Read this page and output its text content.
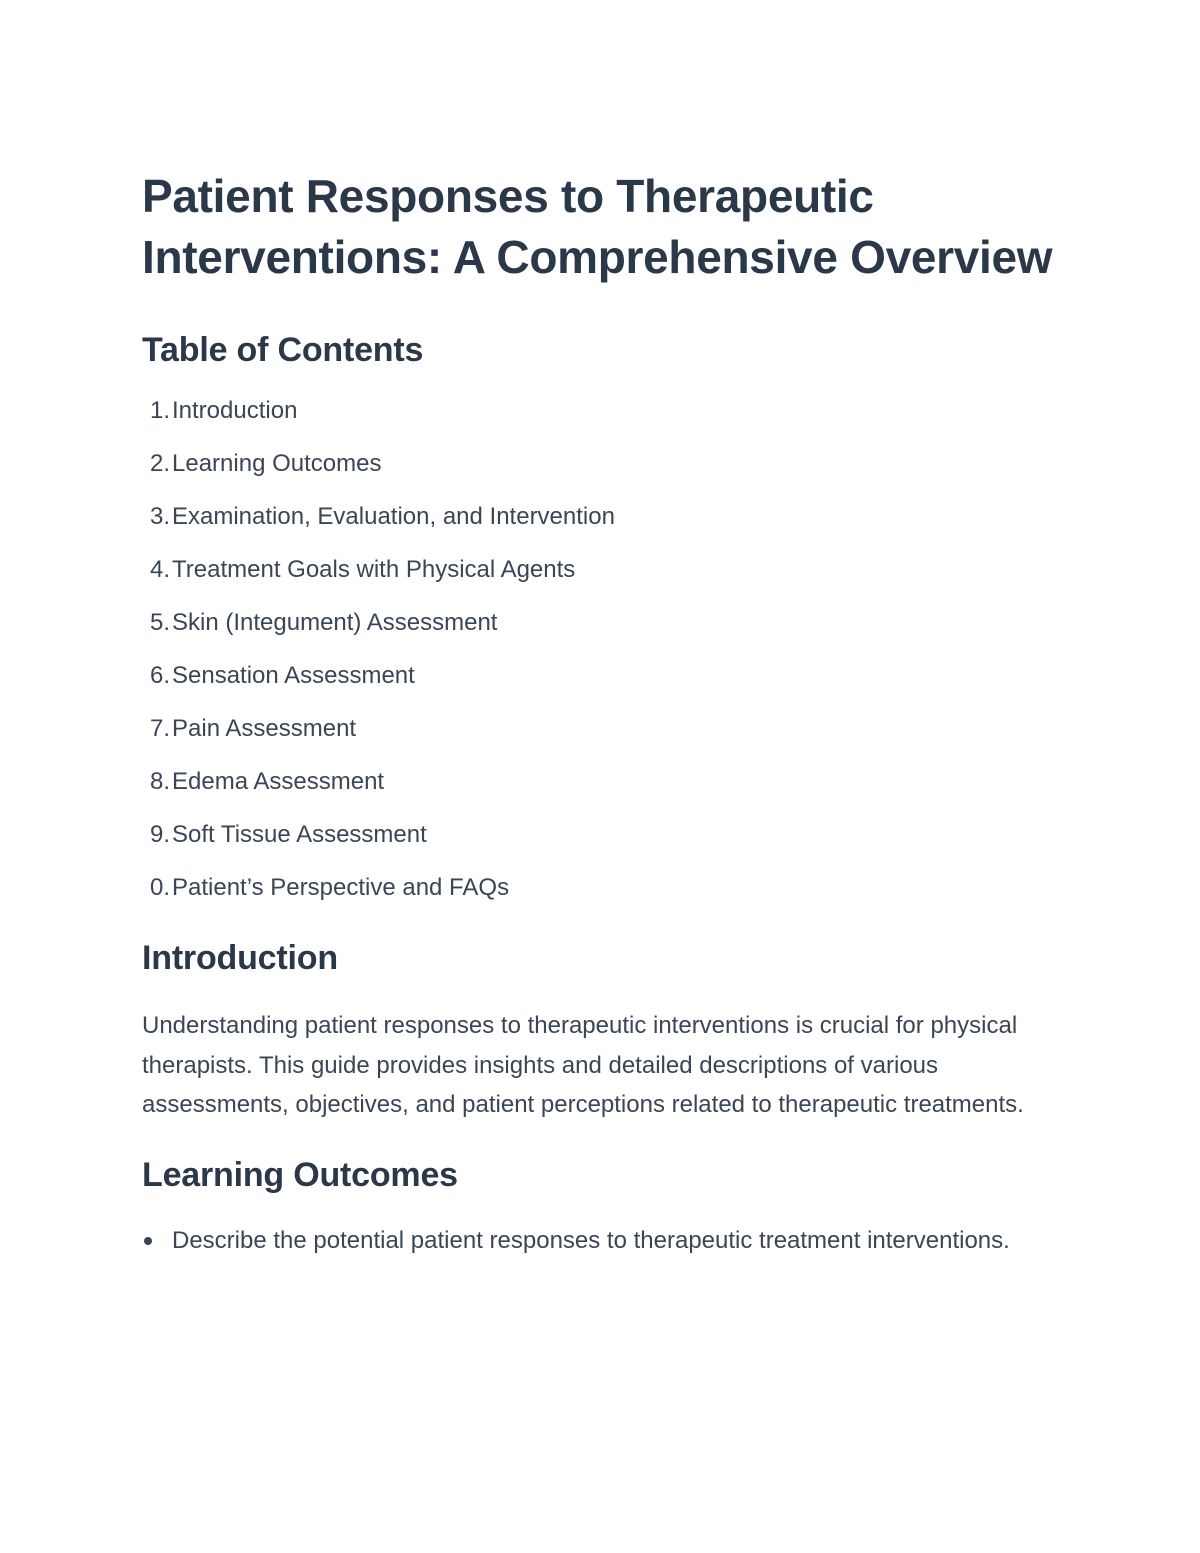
Patient Responses to Therapeutic Interventions: A Comprehensive Overview
Table of Contents
1. Introduction
2. Learning Outcomes
3. Examination, Evaluation, and Intervention
4. Treatment Goals with Physical Agents
5. Skin (Integument) Assessment
6. Sensation Assessment
7. Pain Assessment
8. Edema Assessment
9. Soft Tissue Assessment
0. Patient’s Perspective and FAQs
Introduction

Understanding patient responses to therapeutic interventions is crucial for physical therapists. This guide provides insights and detailed descriptions of various assessments, objectives, and patient perceptions related to therapeutic treatments.

Learning Outcomes
Describe the potential patient responses to therapeutic treatment interventions.
